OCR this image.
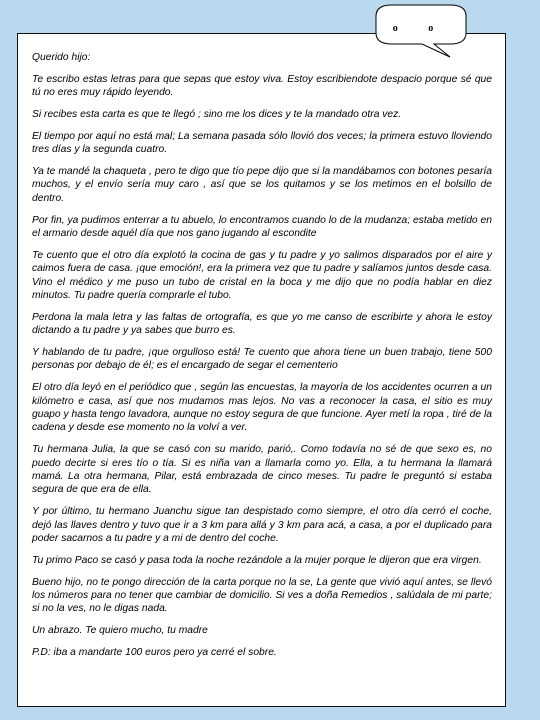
Querido hijo:

Te escribo estas letras para que sepas que estoy viva. Estoy escribiendote despacio porque sé que tú no eres muy rápido leyendo.

Si recibes esta carta es que te llegó ; sino me los dices y te la mandado otra vez.

El tiempo por aquí no está mal; La semana pasada sólo llovió dos veces; la primera estuvo lloviendo tres días y la segunda cuatro.

Ya te mandé la chaqueta , pero te digo que tío pepe dijo que si la mandábamos con botones pesaría muchos, y el envío sería muy caro , así que se los quitamos y se los metimos en el bolsillo de dentro.

Por fin, ya pudimos enterrar a tu abuelo, lo encontramos cuando lo de la mudanza; estaba metido en el armario desde aquél día que nos gano jugando al escondite

Te cuento que el otro día explotó la cocina de gas y tu padre y yo salimos disparados por el aire y caimos fuera de casa. ¡que emoción!, era la primera vez que tu padre y salíamos juntos desde casa. Vino el médico y me puso un tubo de cristal en la boca y me dijo que no podía hablar en diez minutos. Tu padre quería comprarle el tubo.

Perdona la mala letra y las faltas de ortografía, es que yo me canso de escribirte y ahora le estoy dictando a tu padre y ya sabes que burro es.

Y hablando de tu padre, ¡que orgulloso está! Te cuento que ahora tiene un buen trabajo, tiene 500 personas por debajo de él; es el encargado de segar el cementerio

El otro día leyó en el periódico que , según las encuestas, la mayoría de los accidentes ocurren a un kilómetro e casa, así que nos mudamos mas lejos. No vas a reconocer la casa, el sitio es muy guapo y hasta tengo lavadora, aunque no estoy segura de que funcione. Ayer metí la ropa , tiré de la cadena y desde ese momento no la volví a ver.

Tu hermana Julia, la que se casó con su marido, parió,. Como todavía no sé de que sexo es, no puedo decirte si eres tío o tía. Si es niña van a llamarla como yo. Ella, a tu hermana la llamará mamá. La otra hermana, Pilar, está embrazada de cinco meses. Tu padre le preguntó si estaba segura de que era de ella.

Y por último, tu hermano Juanchu sigue tan despistado como siempre, el otro día cerró el coche, dejó las llaves dentro y tuvo que ir a 3 km para allá y 3 km para acá, a casa, a por el duplicado para poder sacarnos a tu padre y a mi de dentro del coche.

Tu primo Paco se casó y pasa toda la noche rezándole a la mujer porque le dijeron que era virgen.

Bueno hijo, no te pongo dirección de la carta porque no la se, La gente que vivió aquí antes, se llevó los números para no tener que cambiar de domicilio. Si ves a doña Remedios , salúdala de mi parte; si no la ves, no le digas nada.

Un abrazo. Te quiero mucho, tu madre

P.D: iba a mandarte 100 euros pero ya cerré el sobre.

o o
